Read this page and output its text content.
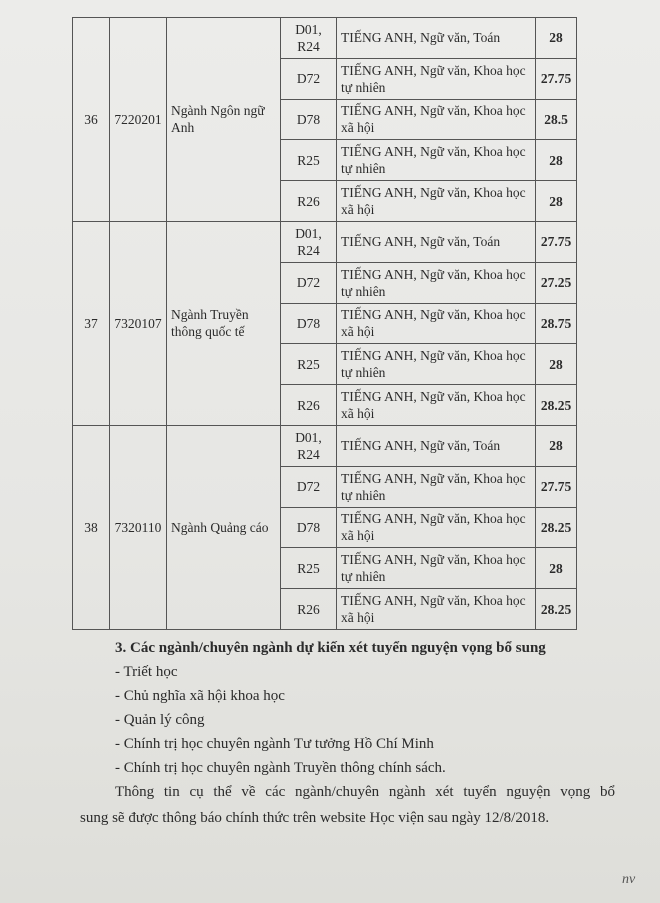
36	7220201	Ngành Ngôn ngữ Anh	D01, R24	TIẾNG ANH, Ngữ văn, Toán	28
			D72	TIẾNG ANH, Ngữ văn, Khoa học tự nhiên	27.75
			D78	TIẾNG ANH, Ngữ văn, Khoa học xã hội	28.5
			R25	TIẾNG ANH, Ngữ văn, Khoa học tự nhiên	28
			R26	TIẾNG ANH, Ngữ văn, Khoa học xã hội	28
37	7320107	Ngành Truyền thông quốc tế	D01, R24	TIẾNG ANH, Ngữ văn, Toán	27.75
			D72	TIẾNG ANH, Ngữ văn, Khoa học tự nhiên	27.25
			D78	TIẾNG ANH, Ngữ văn, Khoa học xã hội	28.75
			R25	TIẾNG ANH, Ngữ văn, Khoa học tự nhiên	28
			R26	TIẾNG ANH, Ngữ văn, Khoa học xã hội	28.25
38	7320110	Ngành Quảng cáo	D01, R24	TIẾNG ANH, Ngữ văn, Toán	28
			D72	TIẾNG ANH, Ngữ văn, Khoa học tự nhiên	27.75
			D78	TIẾNG ANH, Ngữ văn, Khoa học xã hội	28.25
			R25	TIẾNG ANH, Ngữ văn, Khoa học tự nhiên	28
			R26	TIẾNG ANH, Ngữ văn, Khoa học xã hội	28.25
3. Các ngành/chuyên ngành dự kiến xét tuyển nguyện vọng bổ sung
- Triết học
- Chủ nghĩa xã hội khoa học
- Quản lý công
- Chính trị học chuyên ngành Tư tưởng Hồ Chí Minh
- Chính trị học chuyên ngành Truyền thông chính sách.
Thông tin cụ thể về các ngành/chuyên ngành xét tuyển nguyện vọng bổ
sung sẽ được thông báo chính thức trên website Học viện sau ngày 12/8/2018.
nv
